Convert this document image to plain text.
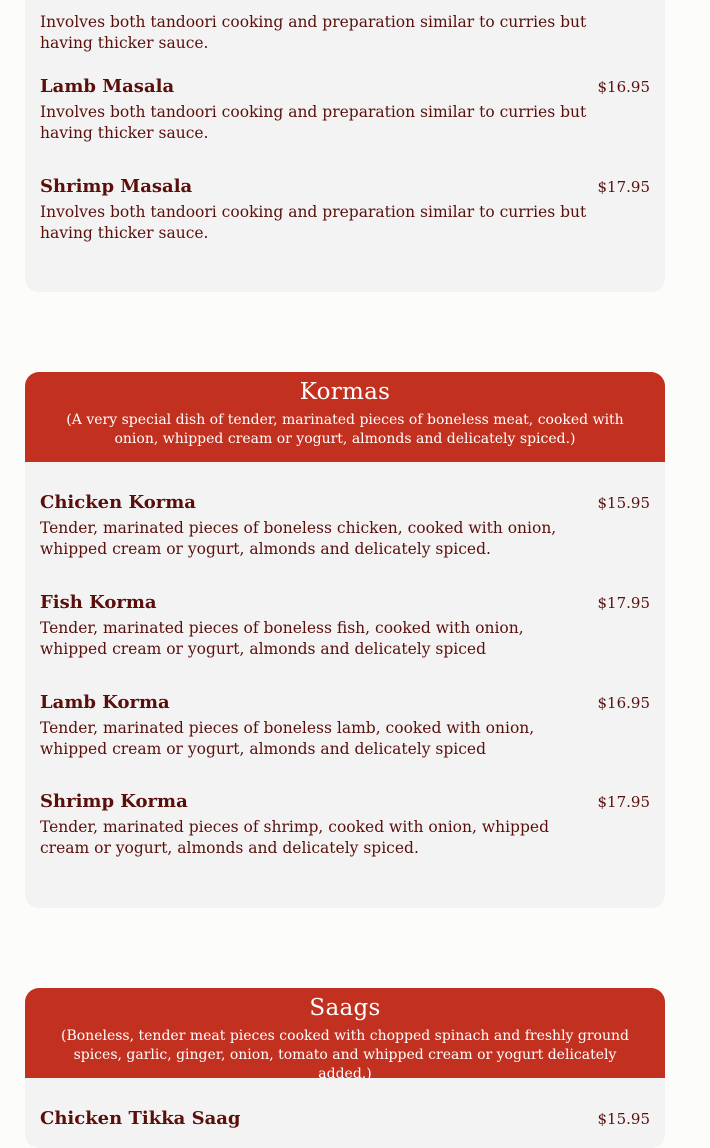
Involves both tandoori cooking and preparation similar to curries but having thicker sauce.
Lamb Masala	$16.95
Involves both tandoori cooking and preparation similar to curries but having thicker sauce.
Shrimp Masala	$17.95
Involves both tandoori cooking and preparation similar to curries but having thicker sauce.
Kormas
(A very special dish of tender, marinated pieces of boneless meat, cooked with onion, whipped cream or yogurt, almonds and delicately spiced.)
Chicken Korma	$15.95
Tender, marinated pieces of boneless chicken, cooked with onion, whipped cream or yogurt, almonds and delicately spiced.
Fish Korma	$17.95
Tender, marinated pieces of boneless fish, cooked with onion, whipped cream or yogurt, almonds and delicately spiced
Lamb Korma	$16.95
Tender, marinated pieces of boneless lamb, cooked with onion, whipped cream or yogurt, almonds and delicately spiced
Shrimp Korma	$17.95
Tender, marinated pieces of shrimp, cooked with onion, whipped cream or yogurt, almonds and delicately spiced.
Saags
(Boneless, tender meat pieces cooked with chopped spinach and freshly ground spices, garlic, ginger, onion, tomato and whipped cream or yogurt delicately added.)
Chicken Tikka Saag	$15.95
